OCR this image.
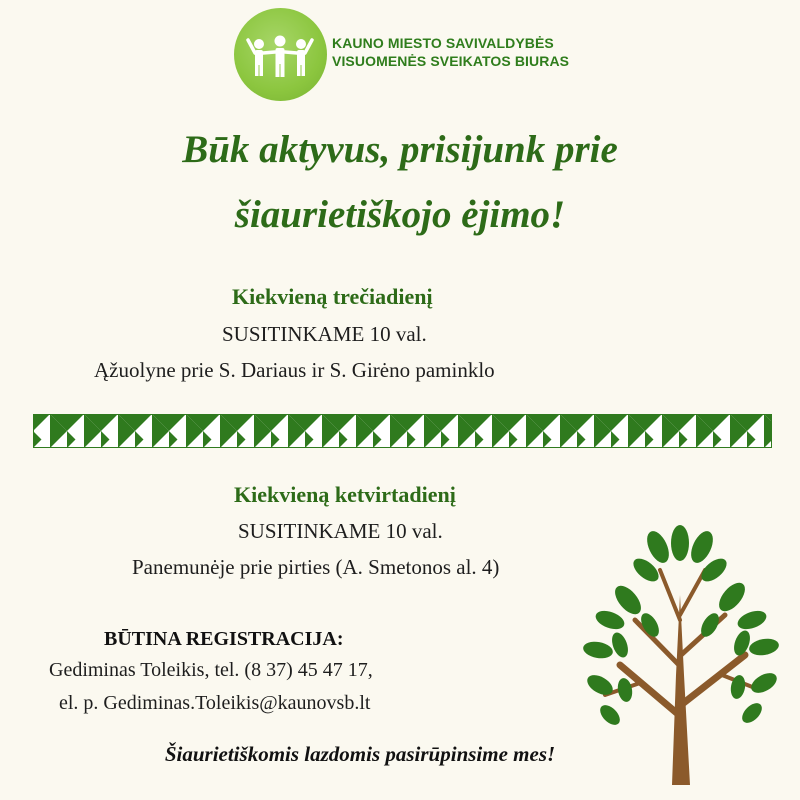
KAUNO MIESTO SAVIVALDYBĖS
VISUOMENĖS SVEIKATOS BIURAS
Būk aktyvus, prisijunk prie
šiaurietiškojo ėjimo!
Kiekvieną trečiadienį
SUSITINKAME 10 val.
Ąžuolyne prie S. Dariaus ir S. Girėno paminklo
Kiekvieną ketvirtadienį
SUSITINKAME 10 val.
Panemunėje prie pirties (A. Smetonos al. 4)
BŪTINA REGISTRACIJA:
Gediminas Toleikis, tel. (8 37) 45 47 17,
el. p. Gediminas.Toleikis@kaunovsb.lt
Šiaurietiškomis lazdomis pasirūpinsime mes!
